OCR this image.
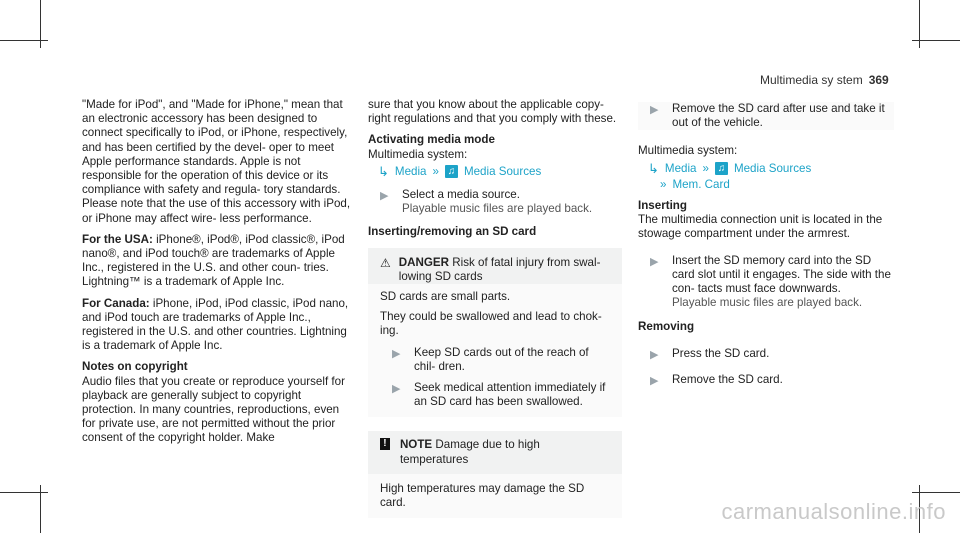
Multimedia sy stem 369

"Made for iPod", and "Made for iPhone," mean that an electronic accessory has been designed to connect specifically to iPod, or iPhone, respectively, and has been certified by the devel- oper to meet Apple performance standards. Apple is not responsible for the operation of this device or its compliance with safety and regula- tory standards. Please note that the use of this accessory with iPod, or iPhone may affect wire- less performance.

For the USA: iPhone®, iPod®, iPod classic®, iPod nano®, and iPod touch® are trademarks of Apple Inc., registered in the U.S. and other coun- tries. Lightning™ is a trademark of Apple Inc.

For Canada: iPhone, iPod, iPod classic, iPod nano, and iPod touch are trademarks of Apple Inc., registered in the U.S. and other countries. Lightning is a trademark of Apple Inc.

Notes on copyright

Audio files that you create or reproduce yourself for playback are generally subject to copyright protection. In many countries, reproductions, even for private use, are not permitted without the prior consent of the copyright holder. Make

sure that you know about the applicable copy- right regulations and that you comply with these.

Activating media mode

Multimedia system:

↳ Media » ♫ Media Sources
▶ Select a media source.
Playable music files are played back.

Inserting/removing an SD card

⚠ DANGER Risk of fatal injury from swal- lowing SD cards

SD cards are small parts.

They could be swallowed and lead to chok- ing.

▶ Keep SD cards out of the reach of chil- dren.
▶ Seek medical attention immediately if an SD card has been swallowed.
! NOTE Damage due to high temperatures
High temperatures may damage the SD card.
▶ Remove the SD card after use and take it out of the vehicle.

Multimedia system:

↳ Media » ♫ Media Sources
» Mem. Card

Inserting

The multimedia connection unit is located in the stowage compartment under the armrest.

▶ Insert the SD memory card into the SD card slot until it engages. The side with the con- tacts must face downwards.
Playable music files are played back.

Removing

▶ Press the SD card.
▶ Remove the SD card.
carmanualsonline.info
